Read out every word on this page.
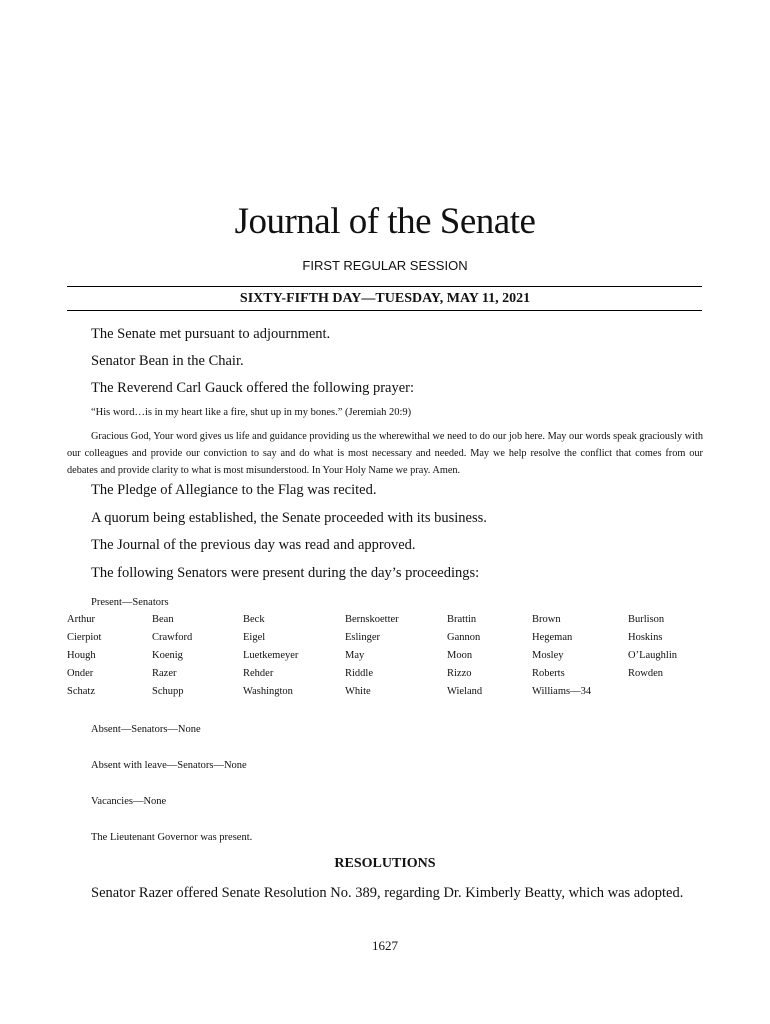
Journal of the Senate
FIRST REGULAR SESSION
SIXTY-FIFTH DAY—TUESDAY, MAY 11, 2021
The Senate met pursuant to adjournment.
Senator Bean in the Chair.
The Reverend Carl Gauck offered the following prayer:
“His word…is in my heart like a fire, shut up in my bones.” (Jeremiah 20:9)
Gracious God, Your word gives us life and guidance providing us the wherewithal we need to do our job here. May our words speak graciously with our colleagues and provide our conviction to say and do what is most necessary and needed. May we help resolve the conflict that comes from our debates and provide clarity to what is most misunderstood. In Your Holy Name we pray. Amen.
The Pledge of Allegiance to the Flag was recited.
A quorum being established, the Senate proceeded with its business.
The Journal of the previous day was read and approved.
The following Senators were present during the day’s proceedings:
Present—Senators
Arthur	Bean	Beck	Bernskoetter	Brattin	Brown	Burlison
Cierpiot	Crawford	Eigel	Eslinger	Gannon	Hegeman	Hoskins
Hough	Koenig	Luetkemeyer	May	Moon	Mosley	O’Laughlin
Onder	Razer	Rehder	Riddle	Rizzo	Roberts	Rowden
Schatz	Schupp	Washington	White	Wieland	Williams—34
Absent—Senators—None
Absent with leave—Senators—None
Vacancies—None
The Lieutenant Governor was present.
RESOLUTIONS
Senator Razer offered Senate Resolution No. 389, regarding Dr. Kimberly Beatty, which was adopted.
1627
